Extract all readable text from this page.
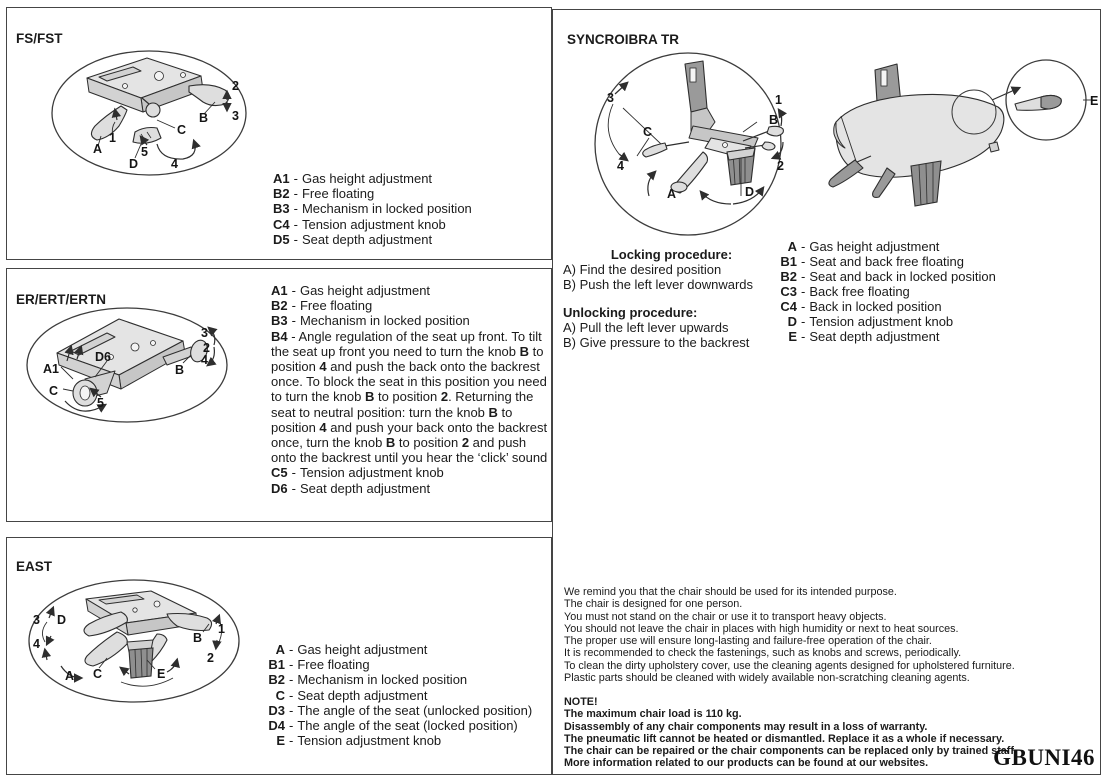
FS/FST
A
1
D
5
4
C
B
2
3
A1 - Gas height adjustment
B2 - Free floating
B3 - Mechanism in locked position
C4 - Tension adjustment knob
D5 - Seat depth adjustment
ER/ERT/ERTN
A1
C
5
D6
B
3
2
4
A1 - Gas height adjustment
B2 - Free floating
B3 - Mechanism in locked position

B4 - Angle regulation of the seat up front. To tilt the seat up front you need to turn the knob B to position 4 and push the back onto the backrest once. To block the seat in this position you need to turn the knob B to position 2. Returning the seat to neutral position: turn the knob B to position 4 and push your back onto the backrest once, turn the knob B to position 2 and push onto the backrest until you hear the ‘click’ sound

C5 - Tension adjustment knob
D6 - Seat depth adjustment
EAST
3 D
4
A C	E
B
1
2
A - Gas height adjustment
B1 - Free floating
B2 - Mechanism in locked position
C - Seat depth adjustment
D3 - The angle of the seat (unlocked position)
D4 - The angle of the seat (locked position)
E - Tension adjustment knob
SYNCROIBRA TR
3
C
4
A	D
1
B
2
E
Locking procedure:
A) Find the desired position
B) Push the left lever downwards
Unlocking procedure:
A) Pull the left lever upwards
B) Give pressure to the backrest
A - Gas height adjustment
B1 - Seat and back free floating
B2 - Seat and back in locked position
C3 - Back free floating
C4 - Back in locked position
D - Tension adjustment knob
E - Seat depth adjustment
We remind you that the chair should be used for its intended purpose.
The chair is designed for one person.
You must not stand on the chair or use it to transport heavy objects.
You should not leave the chair in places with high humidity or next to heat sources.
The proper use will ensure long-lasting and failure-free operation of the chair.
It is recommended to check the fastenings, such as knobs and screws, periodically.
To clean the dirty upholstery cover, use the cleaning agents designed for upholstered furniture.
Plastic parts should be cleaned with widely available non-scratching cleaning agents.
NOTE!
The maximum chair load is 110 kg.
Disassembly of any chair components may result in a loss of warranty.
The pneumatic lift cannot be heated or dismantled. Replace it as a whole if necessary.
The chair can be repaired or the chair components can be replaced only by trained staff.
More information related to our products can be found at our websites.	GBUNI46
